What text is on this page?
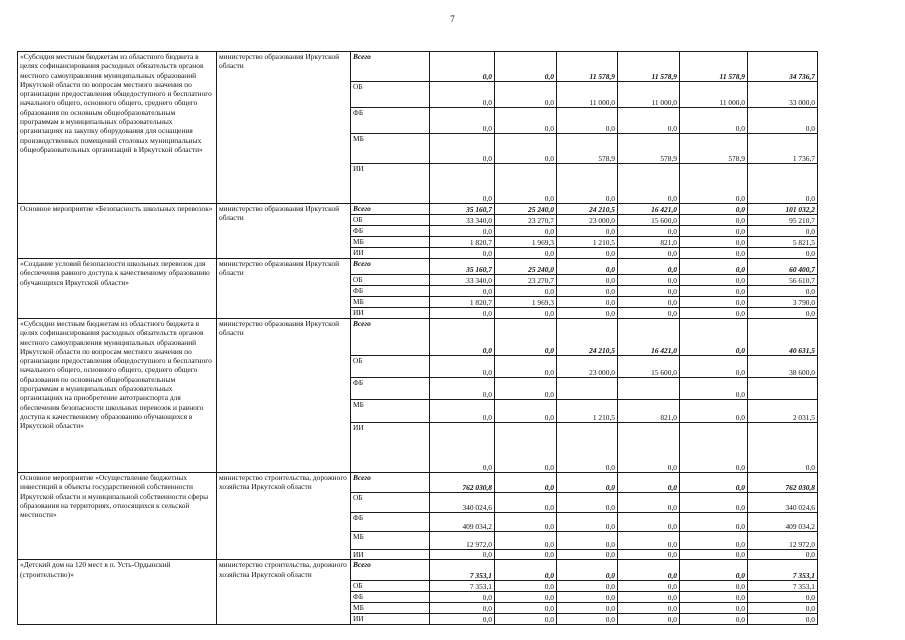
7
«Субсидия местным бюджетам из областного бюджета в целях софинансирования расходных обязательств органов местного самоуправления муниципальных образований Иркутской области по вопросам местного значения по организации предоставления общедоступного и бесплатного начального общего, основного общего, среднего общего образования по основным общеобразовательным программам в муниципальных образовательных организациях на закупку оборудования для оснащения производственных помещений столовых муниципальных общеобразовательных организаций в Иркутской области»	министерство образования Иркутской области	Всего	0,0	0,0	11 578,9	11 578,9	11 578,9	34 736,7
		ОБ	0,0	0,0	11 000,0	11 000,0	11 000,0	33 000,0
		ФБ	0,0	0,0	0,0	0,0	0,0	0,0
		МБ	0,0	0,0	578,9	578,9	578,9	1 736,7
		ИИ	0,0	0,0	0,0	0,0	0,0	0,0
Основное мероприятие «Безопасность школьных перевозок»	министерство образования Иркутской области	Всего	35 160,7	25 240,0	24 210,5	16 421,0	0,0	101 032,2
		ОБ	33 340,0	23 270,7	23 000,0	15 600,0	0,0	95 210,7
		ФБ	0,0	0,0	0,0	0,0	0,0	0,0
		МБ	1 820,7	1 969,3	1 210,5	821,0	0,0	5 821,5
		ИИ	0,0	0,0	0,0	0,0	0,0	0,0
«Создание условий безопасности школьных перевозок для обеспечения равного доступа к качественному образованию обучающихся Иркутской области»	министерство образования Иркутской области	Всего	35 160,7	25 240,0	0,0	0,0	0,0	60 400,7
		ОБ	33 340,0	23 270,7	0,0	0,0	0,0	56 610,7
		ФБ	0,0	0,0	0,0	0,0	0,0	0,0
		МБ	1 820,7	1 969,3	0,0	0,0	0,0	3 790,0
		ИИ	0,0	0,0	0,0	0,0	0,0	0,0
«Субсидии местным бюджетам из областного бюджета в целях софинансирования расходных обязательств органов местного самоуправления муниципальных образований Иркутской области по вопросам местного значения по организации предоставления общедоступного и бесплатного начального общего, основного общего, среднего общего образования по основным общеобразовательным программам в муниципальных образовательных организациях на приобретение автотранспорта для обеспечения безопасности школьных перевозок и равного доступа к качественному образованию обучающихся в Иркутской области»	министерство образования Иркутской области	Всего	0,0	0,0	24 210,5	16 421,0	0,0	40 631,5
		ОБ	0,0	0,0	23 000,0	15 600,0	0,0	38 600,0
		ФБ	0,0	0,0			0,0	
		МБ	0,0	0,0	1 210,5	821,0	0,0	2 031,5
		ИИ	0,0	0,0	0,0	0,0	0,0	0,0
Основное мероприятие «Осуществление бюджетных инвестиций в объекты государственной собственности Иркутской области и муниципальной собственности сферы образования на территориях, относящихся к сельской местности»	министерство строительства, дорожного хозяйства Иркутской области	Всего	762 030,8	0,0	0,0	0,0	0,0	762 030,8
		ОБ	340 024,6	0,0	0,0	0,0	0,0	340 024,6
		ФБ	409 034,2	0,0	0,0	0,0	0,0	409 034,2
		МБ	12 972,0	0,0	0,0	0,0	0,0	12 972,0
		ИИ	0,0	0,0	0,0	0,0	0,0	0,0
«Детский дом на 120 мест в п. Усть-Ордынский (строительство)»	министерство строительства, дорожного хозяйства Иркутской области	Всего	7 353,1	0,0	0,0	0,0	0,0	7 353,1
		ОБ	7 353,1	0,0	0,0	0,0	0,0	7 353,1
		ФБ	0,0	0,0	0,0	0,0	0,0	0,0
		МБ	0,0	0,0	0,0	0,0	0,0	0,0
		ИИ	0,0	0,0	0,0	0,0	0,0	0,0
